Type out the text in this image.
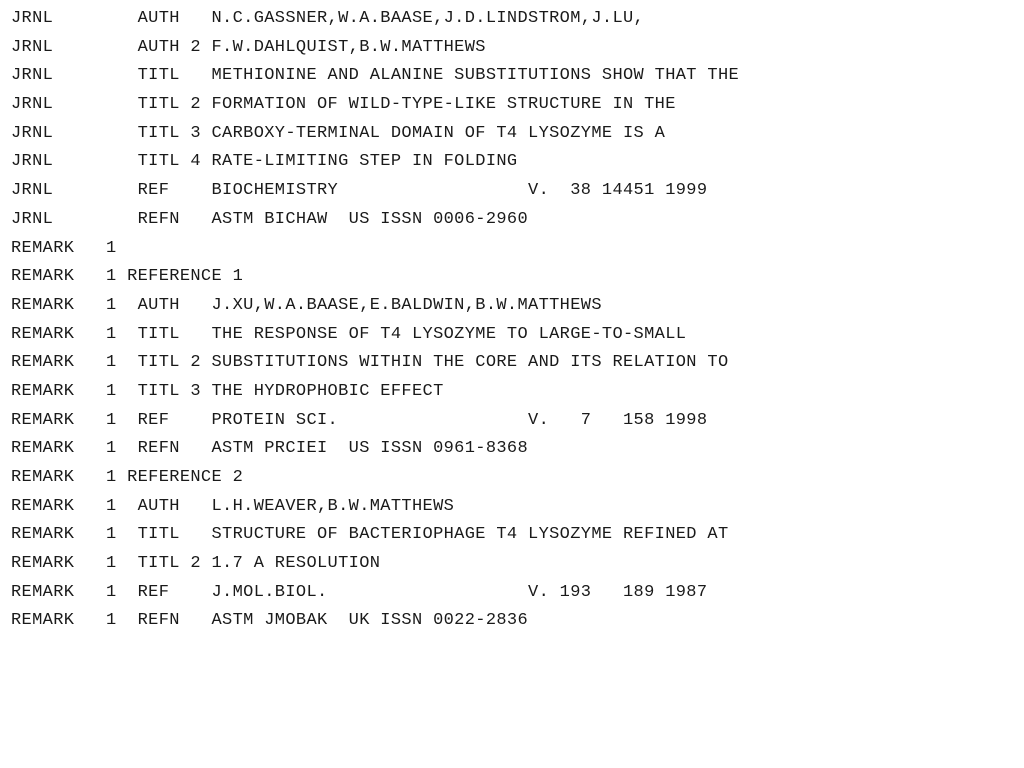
JRNL        AUTH   N.C.GASSNER,W.A.BAASE,J.D.LINDSTROM,J.LU,
JRNL        AUTH 2 F.W.DAHLQUIST,B.W.MATTHEWS
JRNL        TITL   METHIONINE AND ALANINE SUBSTITUTIONS SHOW THAT THE
JRNL        TITL 2 FORMATION OF WILD-TYPE-LIKE STRUCTURE IN THE
JRNL        TITL 3 CARBOXY-TERMINAL DOMAIN OF T4 LYSOZYME IS A
JRNL        TITL 4 RATE-LIMITING STEP IN FOLDING
JRNL        REF    BIOCHEMISTRY                  V.  38 14451 1999
JRNL        REFN   ASTM BICHAW  US ISSN 0006-2960
REMARK   1
REMARK   1 REFERENCE 1
REMARK   1  AUTH   J.XU,W.A.BAASE,E.BALDWIN,B.W.MATTHEWS
REMARK   1  TITL   THE RESPONSE OF T4 LYSOZYME TO LARGE-TO-SMALL
REMARK   1  TITL 2 SUBSTITUTIONS WITHIN THE CORE AND ITS RELATION TO
REMARK   1  TITL 3 THE HYDROPHOBIC EFFECT
REMARK   1  REF    PROTEIN SCI.                  V.   7   158 1998
REMARK   1  REFN   ASTM PRCIEI  US ISSN 0961-8368
REMARK   1 REFERENCE 2
REMARK   1  AUTH   L.H.WEAVER,B.W.MATTHEWS
REMARK   1  TITL   STRUCTURE OF BACTERIOPHAGE T4 LYSOZYME REFINED AT
REMARK   1  TITL 2 1.7 A RESOLUTION
REMARK   1  REF    J.MOL.BIOL.                   V. 193   189 1987
REMARK   1  REFN   ASTM JMOBAK  UK ISSN 0022-2836
